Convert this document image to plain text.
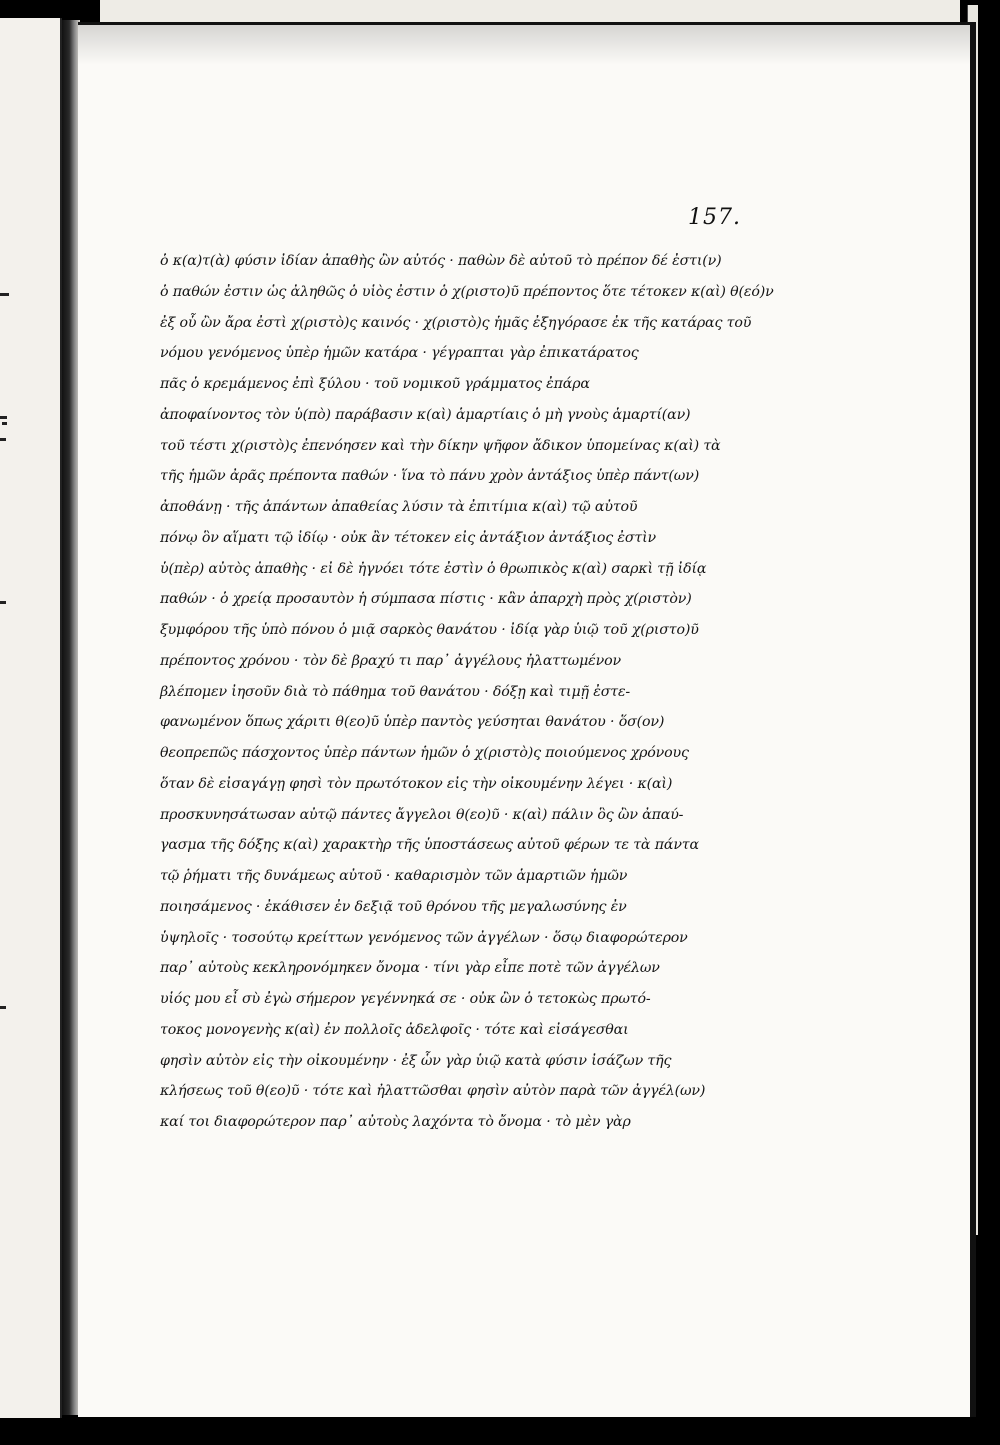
157.
ὁ κ(α)τ(ὰ) φύσιν ἰδίαν ἀπαθὴς ὢν αὐτός · παθὼν δὲ αὐτοῦ τὸ πρέπον δέ ἐστι(ν)
ὁ παθών ἐστιν ὡς ἀληθῶς ὁ υἱὸς ἐστιν ὁ χ(ριστο)ῦ πρέποντος ὅτε τέτοκεν κ(αὶ) θ(εό)ν
ἐξ οὗ ὢν ἄρα ἐστὶ χ(ριστὸ)ς καινός · χ(ριστὸ)ς ἡμᾶς ἐξηγόρασε ἐκ τῆς κατάρας τοῦ
νόμου γενόμενος ὑπὲρ ἡμῶν κατάρα · γέγραπται γὰρ ἐπικατάρατος
πᾶς ὁ κρεμάμενος ἐπὶ ξύλου · τοῦ νομικοῦ γράμματος ἐπάρα
ἀποφαίνοντος τὸν ὑ(πὸ) παράβασιν κ(αὶ) ἁμαρτίαις ὁ μὴ γνοὺς ἁμαρτί(αν)
τοῦ τέστι χ(ριστὸ)ς ἐπενόησεν καὶ τὴν δίκην ψῆφον ἄδικον ὑπομείνας κ(αὶ) τὰ
τῆς ἡμῶν ἀρᾶς πρέποντα παθών · ἵνα τὸ πάνυ χρὸν ἀντάξιος ὑπὲρ πάντ(ων)
ἀποθάνῃ · τῆς ἁπάντων ἀπαθείας λύσιν τὰ ἐπιτίμια κ(αὶ) τῷ αὐτοῦ
πόνῳ ὃν αἵματι τῷ ἰδίῳ · οὐκ ἂν τέτοκεν εἰς ἀντάξιον ἀντάξιος ἐστὶν
ὑ(πὲρ) αὐτὸς ἀπαθὴς · εἰ δὲ ἠγνόει τότε ἐστὶν ὁ θρωπικὸς κ(αὶ) σαρκὶ τῇ ἰδίᾳ
παθών · ὁ χρείᾳ προσαυτὸν ἡ σύμπασα πίστις · κἂν ἀπαρχὴ πρὸς χ(ριστὸν)
ξυμφόρου τῆς ὑπὸ πόνου ὁ μιᾷ σαρκὸς θανάτου · ἰδίᾳ γὰρ ὑιῷ τοῦ χ(ριστο)ῦ
πρέποντος χρόνου · τὸν δὲ βραχύ τι παρ᾽ ἀγγέλους ἠλαττωμένον
βλέπομεν ἰησοῦν διὰ τὸ πάθημα τοῦ θανάτου · δόξῃ καὶ τιμῇ ἐστε-
φανωμένον ὅπως χάριτι θ(εο)ῦ ὑπὲρ παντὸς γεύσηται θανάτου · ὅσ(ον)
θεοπρεπῶς πάσχοντος ὑπὲρ πάντων ἡμῶν ὁ χ(ριστὸ)ς ποιούμενος χρόνους
ὅταν δὲ εἰσαγάγῃ φησὶ τὸν πρωτότοκον εἰς τὴν οἰκουμένην λέγει · κ(αὶ)
προσκυνησάτωσαν αὐτῷ πάντες ἄγγελοι θ(εο)ῦ · κ(αὶ) πάλιν ὃς ὢν ἀπαύ-
γασμα τῆς δόξης κ(αὶ) χαρακτὴρ τῆς ὑποστάσεως αὐτοῦ φέρων τε τὰ πάντα
τῷ ῥήματι τῆς δυνάμεως αὐτοῦ · καθαρισμὸν τῶν ἁμαρτιῶν ἡμῶν
ποιησάμενος · ἐκάθισεν ἐν δεξιᾷ τοῦ θρόνου τῆς μεγαλωσύνης ἐν
ὑψηλοῖς · τοσούτῳ κρείττων γενόμενος τῶν ἀγγέλων · ὅσῳ διαφορώτερον
παρ᾽ αὐτοὺς κεκληρονόμηκεν ὄνομα · τίνι γὰρ εἶπε ποτὲ τῶν ἀγγέλων
υἱός μου εἶ σὺ ἐγὼ σήμερον γεγέννηκά σε · οὐκ ὢν ὁ τετοκὼς πρωτό-
τοκος μονογενὴς κ(αὶ) ἐν πολλοῖς ἀδελφοῖς · τότε καὶ εἰσάγεσθαι
φησὶν αὐτὸν εἰς τὴν οἰκουμένην · ἐξ ὧν γὰρ ὑιῷ κατὰ φύσιν ἰσάζων τῆς
κλήσεως τοῦ θ(εο)ῦ · τότε καὶ ἠλαττῶσθαι φησὶν αὐτὸν παρὰ τῶν ἀγγέλ(ων)
καί τοι διαφορώτερον παρ᾽ αὐτοὺς λαχόντα τὸ ὄνομα · τὸ μὲν γὰρ
